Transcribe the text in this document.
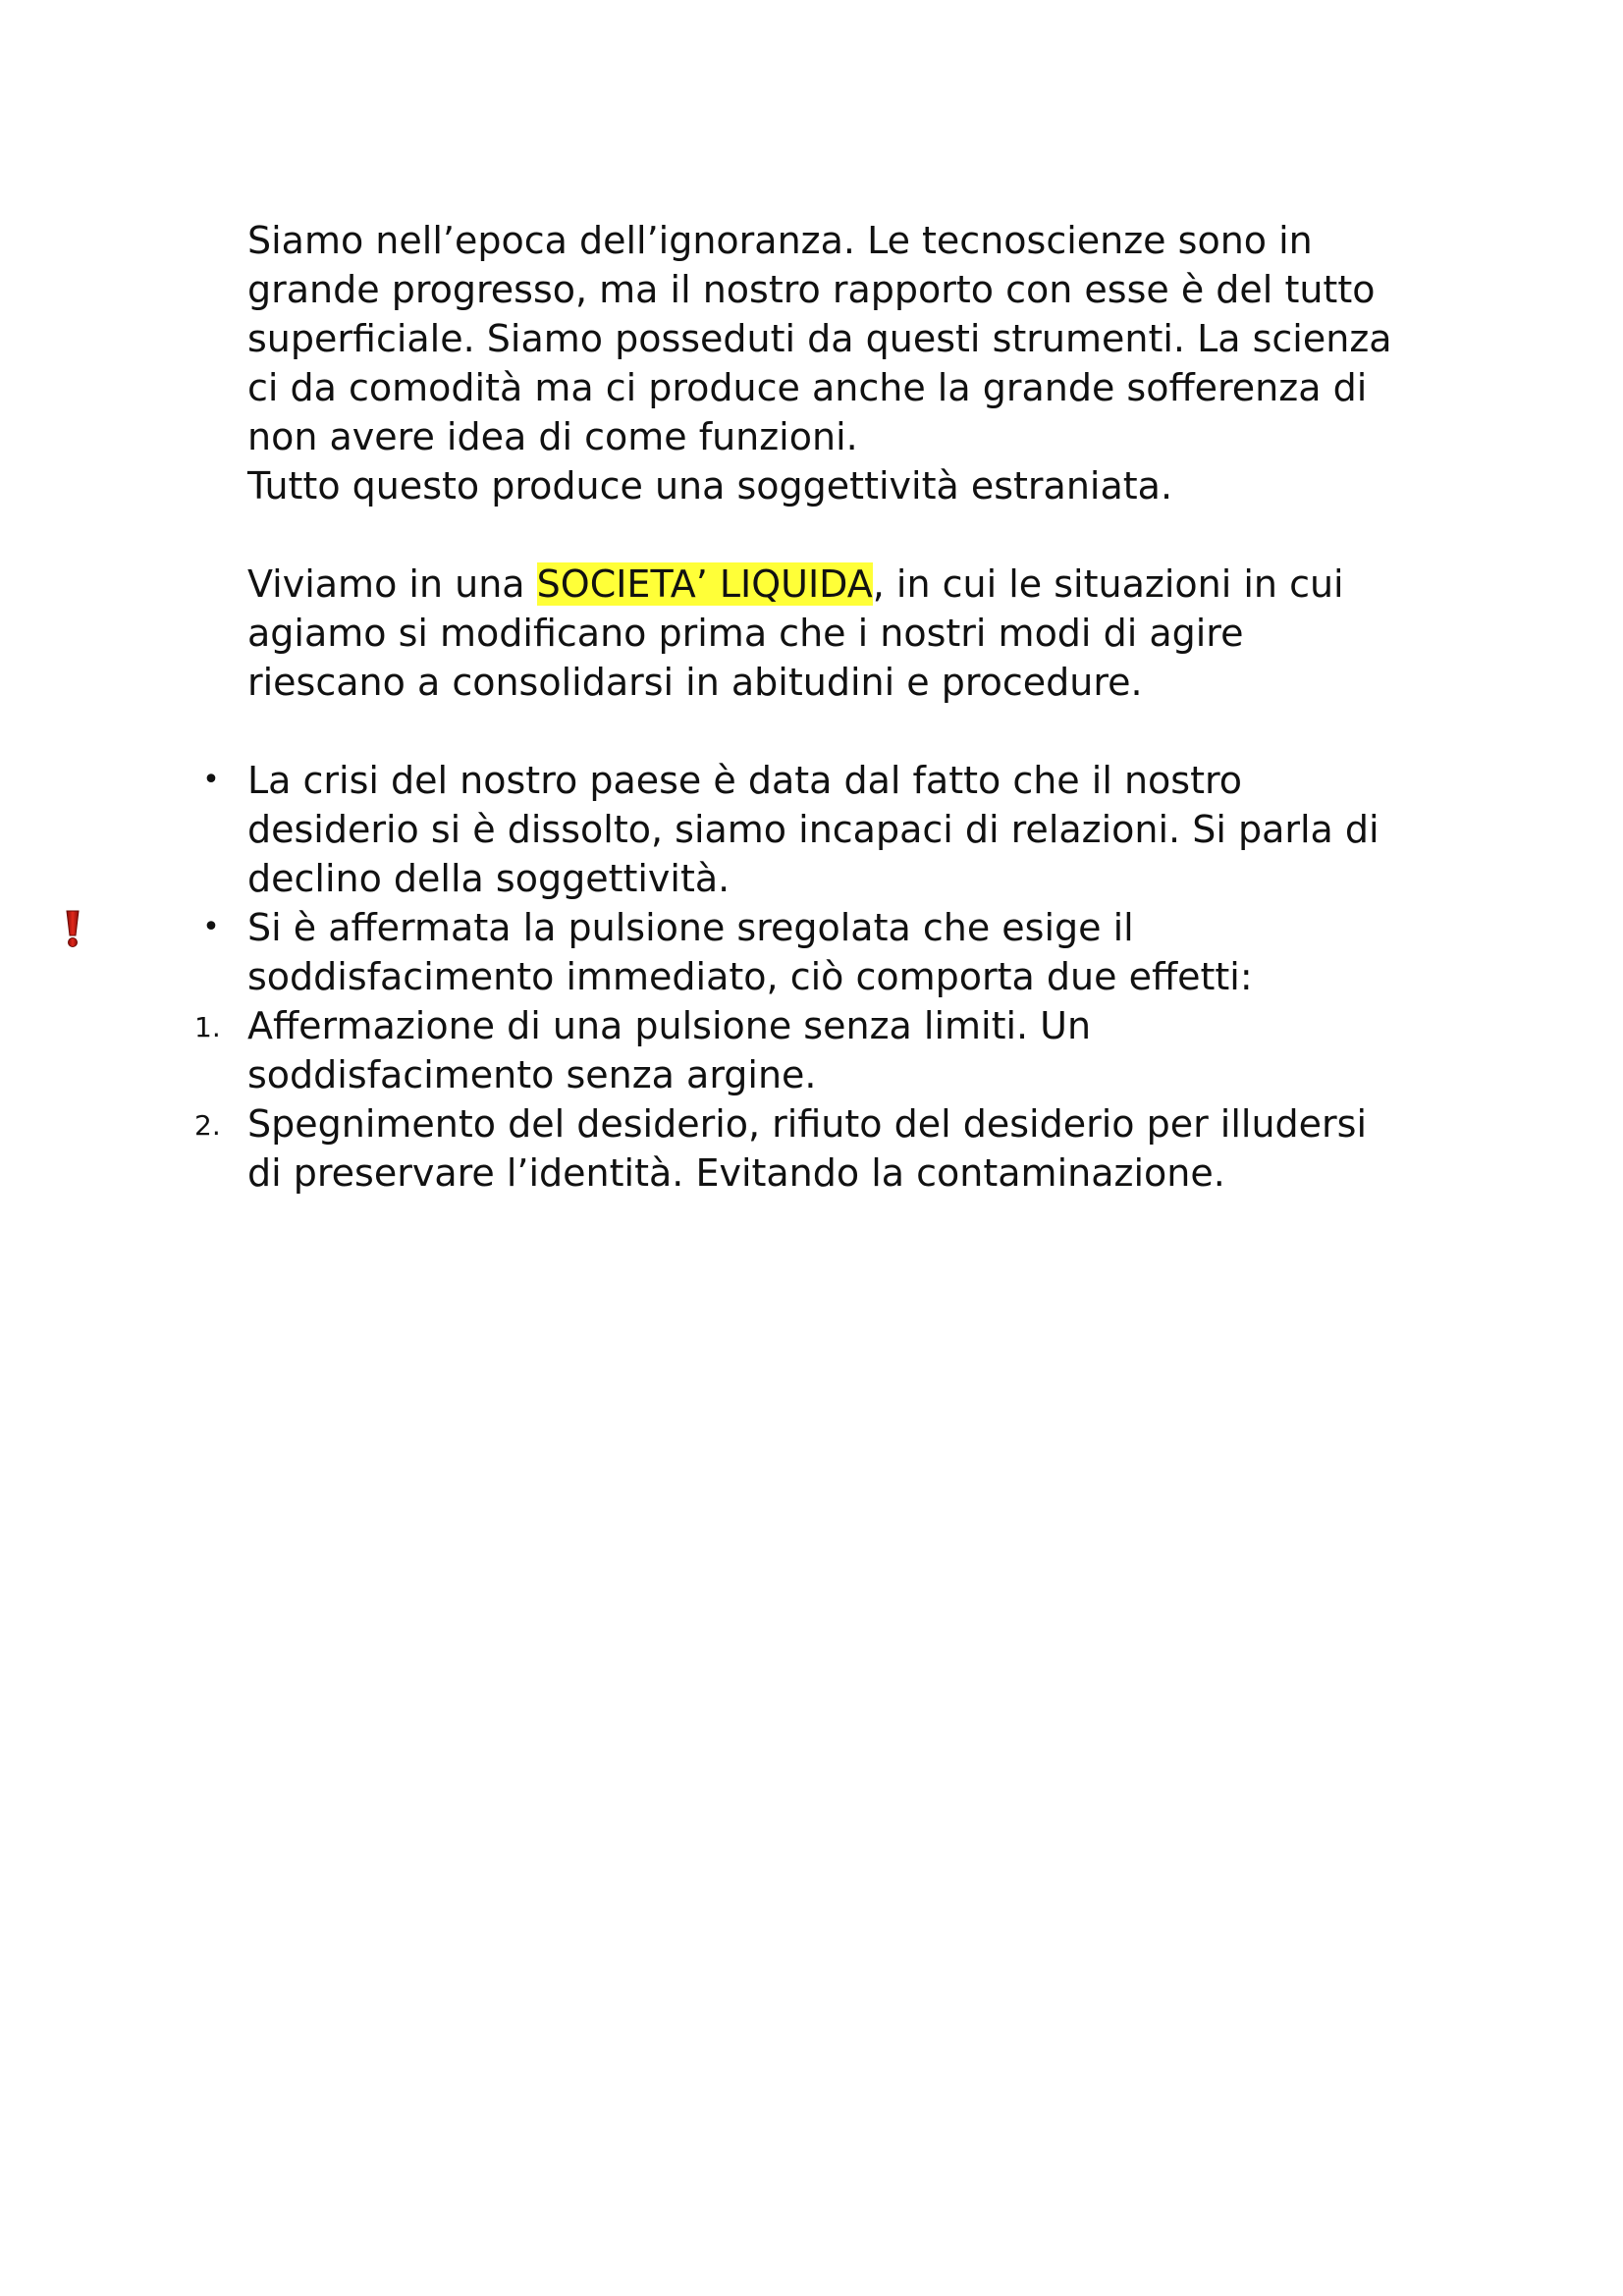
Siamo nell’epoca dell’ignoranza. Le tecnoscienze sono in
grande progresso, ma il nostro rapporto con esse è del tutto
superficiale. Siamo posseduti da questi strumenti. La scienza
ci da comodità ma ci produce anche la grande sofferenza di
non avere idea di come funzioni.
Tutto questo produce una soggettività estraniata.

Viviamo in una SOCIETA’ LIQUIDA, in cui le situazioni in cui
agiamo si modificano prima che i nostri modi di agire
riescano a consolidarsi in abitudini e procedure.

• La crisi del nostro paese è data dal fatto che il nostro
desiderio si è dissolto, siamo incapaci di relazioni. Si parla di
declino della soggettività.
• Si è affermata la pulsione sregolata che esige il
soddisfacimento immediato, ciò comporta due effetti:
1. Affermazione di una pulsione senza limiti. Un
soddisfacimento senza argine.
2. Spegnimento del desiderio, rifiuto del desiderio per illudersi
di preservare l’identità. Evitando la contaminazione.
